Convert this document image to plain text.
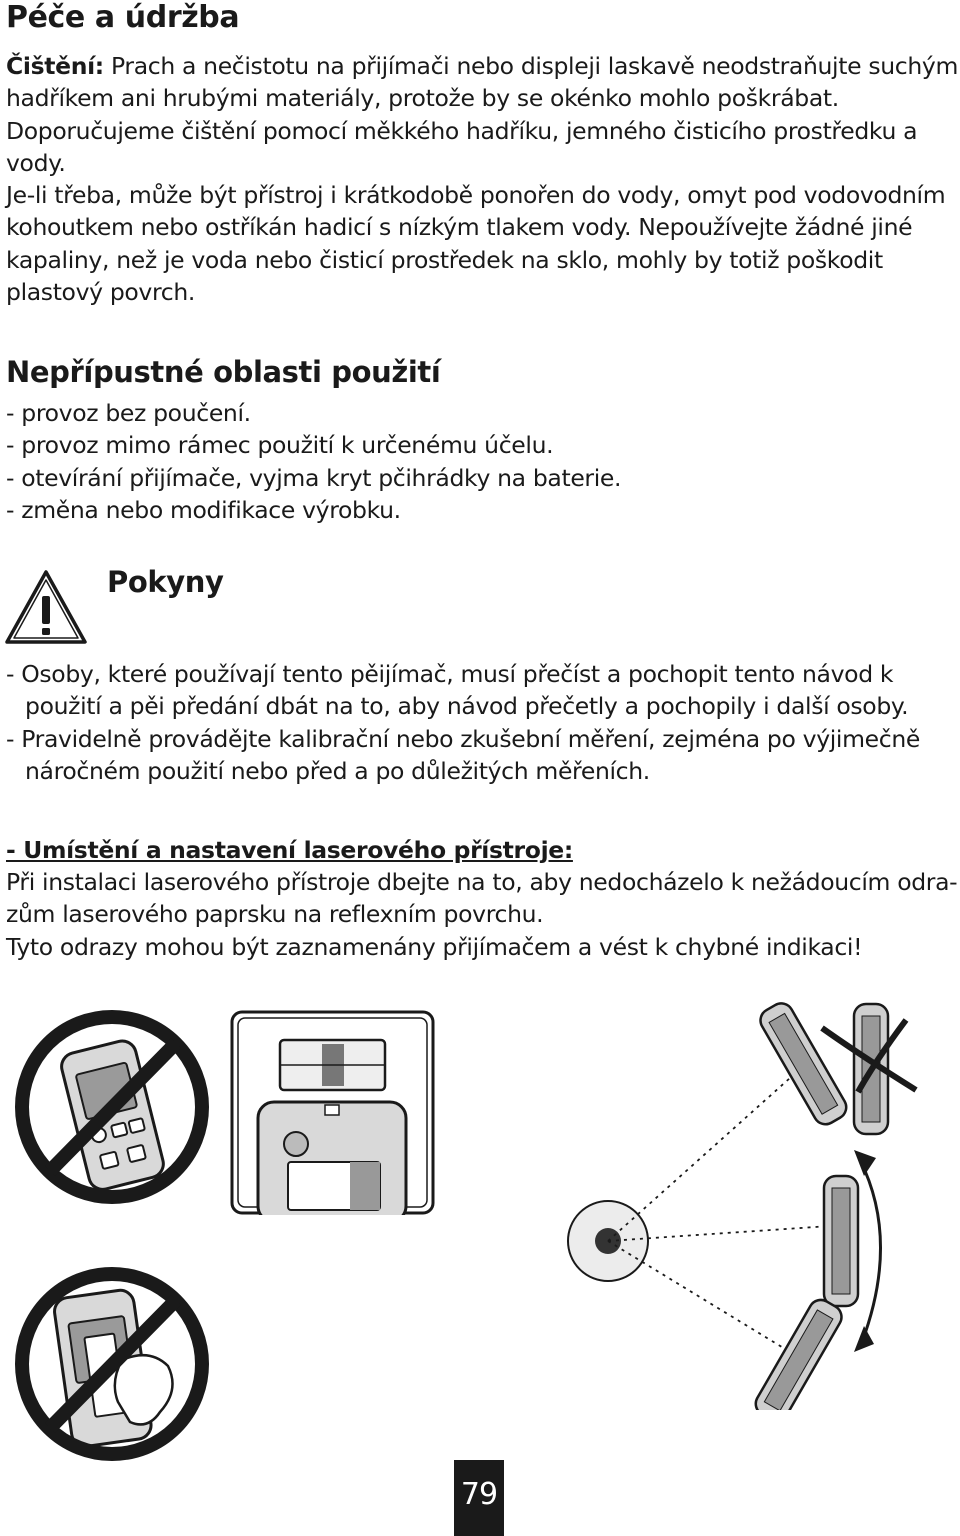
Péče a údržba
Čištění: Prach a nečistotu na přijímači nebo displeji laskavě neodstraňujte suchým
hadříkem ani hrubými materiály, protože by se okénko mohlo poškrábat.
Doporučujeme čištění pomocí měkkého hadříku, jemného čisticího prostředku a
vody.
Je-li třeba, může být přístroj i krátkodobě ponořen do vody, omyt pod vodovodním
kohoutkem nebo ostříkán hadicí s nízkým tlakem vody. Nepoužívejte žádné jiné
kapaliny, než je voda nebo čisticí prostředek na sklo, mohly by totiž poškodit
plastový povrch.
Nepřípustné oblasti použití
- provoz bez poučení.
- provoz mimo rámec použití k určenému účelu.
- otevírání přijímače, vyjma kryt pčihrádky na baterie.
- změna nebo modifikace výrobku.
Pokyny
- Osoby, které používají tento pěijímač, musí přečíst a pochopit tento návod k
použití a pěi předání dbát na to, aby návod přečetly a pochopily i další osoby.
- Pravidelně provádějte kalibrační nebo zkušební měření, zejména po výjimečně
náročném použití nebo před a po důležitých měřeních.
- Umístění a nastavení laserového přístroje:
Při instalaci laserového přístroje dbejte na to, aby nedocházelo k nežádoucím odra-
zům laserového paprsku na reflexním povrchu.
Tyto odrazy mohou být zaznamenány přijímačem a vést k chybné indikaci!
79
